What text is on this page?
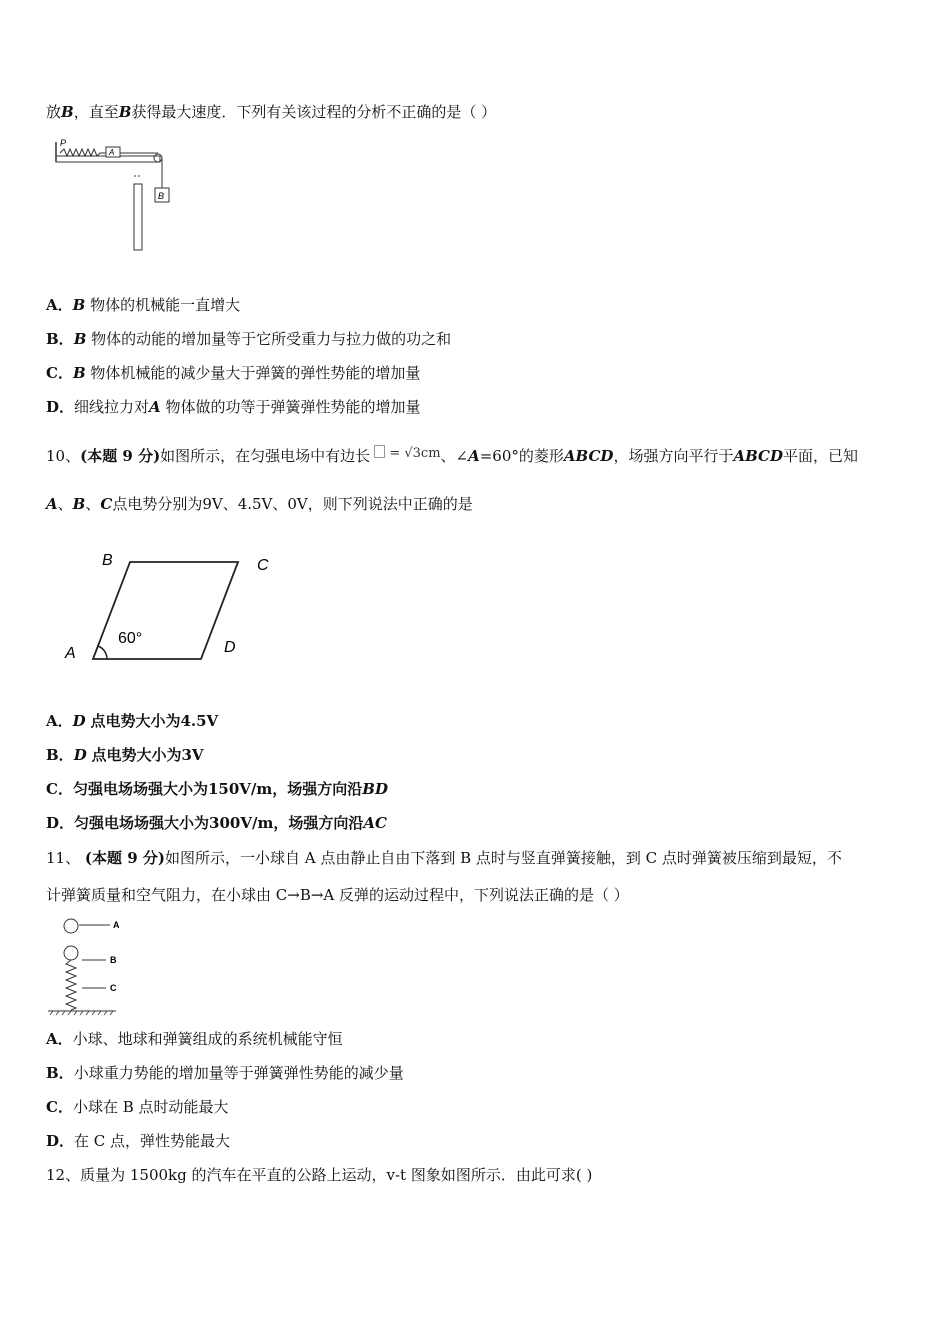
放B，直至B获得最大速度．下列有关该过程的分析不正确的是（ ）
P
A
B
A．B 物体的机械能一直增大
B．B 物体的动能的增加量等于它所受重力与拉力做的功之和
C．B 物体机械能的减少量大于弹簧的弹性势能的增加量
D．细线拉力对A 物体做的功等于弹簧弹性势能的增加量
10、(本题 9 分)如图所示，在匀强电场中有边长 = √3cm、∠A=60°的菱形ABCD，场强方向平行于ABCD平面，已知
A、B、C点电势分别为9V、4.5V、0V，则下列说法中正确的是
B	C
A	D
60°
A．D 点电势大小为4.5V
B．D 点电势大小为3V
C．匀强电场场强大小为150V/m，场强方向沿BD
D．匀强电场场强大小为300V/m，场强方向沿AC
11、 (本题 9 分)如图所示，一小球自 A 点由静止自由下落到 B 点时与竖直弹簧接触，到 C 点时弹簧被压缩到最短，不
计弹簧质量和空气阻力，在小球由 C→B→A 反弹的运动过程中，下列说法正确的是（ ）
A
B
C
A．小球、地球和弹簧组成的系统机械能守恒
B．小球重力势能的增加量等于弹簧弹性势能的减少量
C．小球在 B 点时动能最大
D．在 C 点，弹性势能最大
12、质量为 1500kg 的汽车在平直的公路上运动，v-t 图象如图所示．由此可求( )
